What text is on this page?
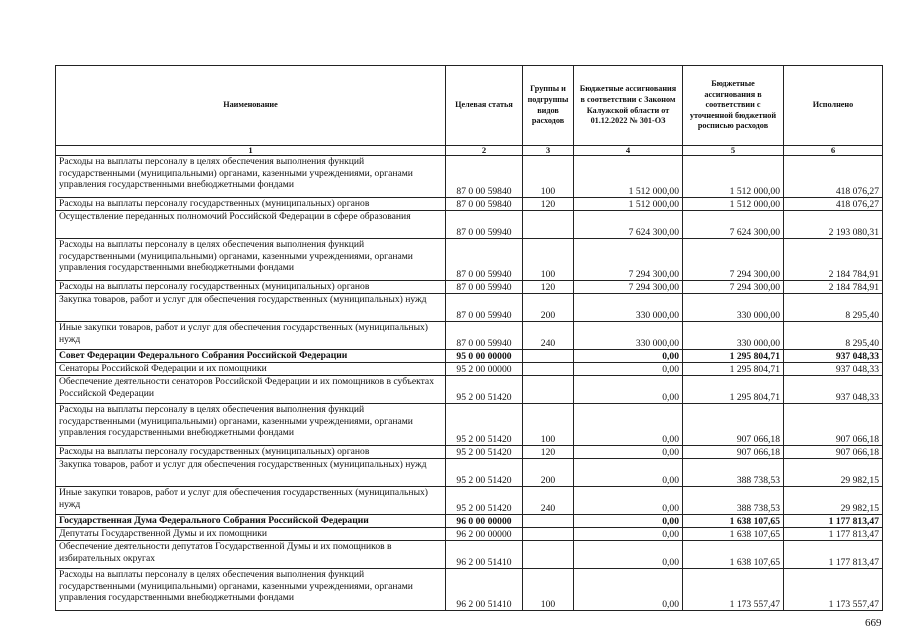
Наименование	Целевая статья	Группы и подгруппы видов расходов	Бюджетные ассигнования в соответствии с Законом Калужской области от 01.12.2022 № 301-ОЗ	Бюджетные ассигнования в соответствии с уточненной бюджетной росписью расходов	Исполнено
1	2	3	4	5	6
Расходы на выплаты персоналу в целях обеспечения выполнения функций государственными (муниципальными) органами, казенными учреждениями, органами управления государственными внебюджетными фондами	87 0 00 59840	100	1 512 000,00	1 512 000,00	418 076,27
Расходы на выплаты персоналу государственных (муниципальных) органов	87 0 00 59840	120	1 512 000,00	1 512 000,00	418 076,27
Осуществление переданных полномочий Российской Федерации в сфере образования	87 0 00 59940		7 624 300,00	7 624 300,00	2 193 080,31
Расходы на выплаты персоналу в целях обеспечения выполнения функций государственными (муниципальными) органами, казенными учреждениями, органами управления государственными внебюджетными фондами	87 0 00 59940	100	7 294 300,00	7 294 300,00	2 184 784,91
Расходы на выплаты персоналу государственных (муниципальных) органов	87 0 00 59940	120	7 294 300,00	7 294 300,00	2 184 784,91
Закупка товаров, работ и услуг для обеспечения государственных (муниципальных) нужд	87 0 00 59940	200	330 000,00	330 000,00	8 295,40
Иные закупки товаров, работ и услуг для обеспечения государственных (муниципальных) нужд	87 0 00 59940	240	330 000,00	330 000,00	8 295,40
Совет Федерации Федерального Собрания Российской Федерации	95 0 00 00000		0,00	1 295 804,71	937 048,33
Сенаторы Российской Федерации и их помощники	95 2 00 00000		0,00	1 295 804,71	937 048,33
Обеспечение деятельности сенаторов Российской Федерации и их помощников в субъектах Российской Федерации	95 2 00 51420		0,00	1 295 804,71	937 048,33
Расходы на выплаты персоналу в целях обеспечения выполнения функций государственными (муниципальными) органами, казенными учреждениями, органами управления государственными внебюджетными фондами	95 2 00 51420	100	0,00	907 066,18	907 066,18
Расходы на выплаты персоналу государственных (муниципальных) органов	95 2 00 51420	120	0,00	907 066,18	907 066,18
Закупка товаров, работ и услуг для обеспечения государственных (муниципальных) нужд	95 2 00 51420	200	0,00	388 738,53	29 982,15
Иные закупки товаров, работ и услуг для обеспечения государственных (муниципальных) нужд	95 2 00 51420	240	0,00	388 738,53	29 982,15
Государственная Дума Федерального Собрания Российской Федерации	96 0 00 00000		0,00	1 638 107,65	1 177 813,47
Депутаты Государственной Думы и их помощники	96 2 00 00000		0,00	1 638 107,65	1 177 813,47
Обеспечение деятельности депутатов Государственной Думы и их помощников в избирательных округах	96 2 00 51410		0,00	1 638 107,65	1 177 813,47
Расходы на выплаты персоналу в целях обеспечения выполнения функций государственными (муниципальными) органами, казенными учреждениями, органами управления государственными внебюджетными фондами	96 2 00 51410	100	0,00	1 173 557,47	1 173 557,47
669
